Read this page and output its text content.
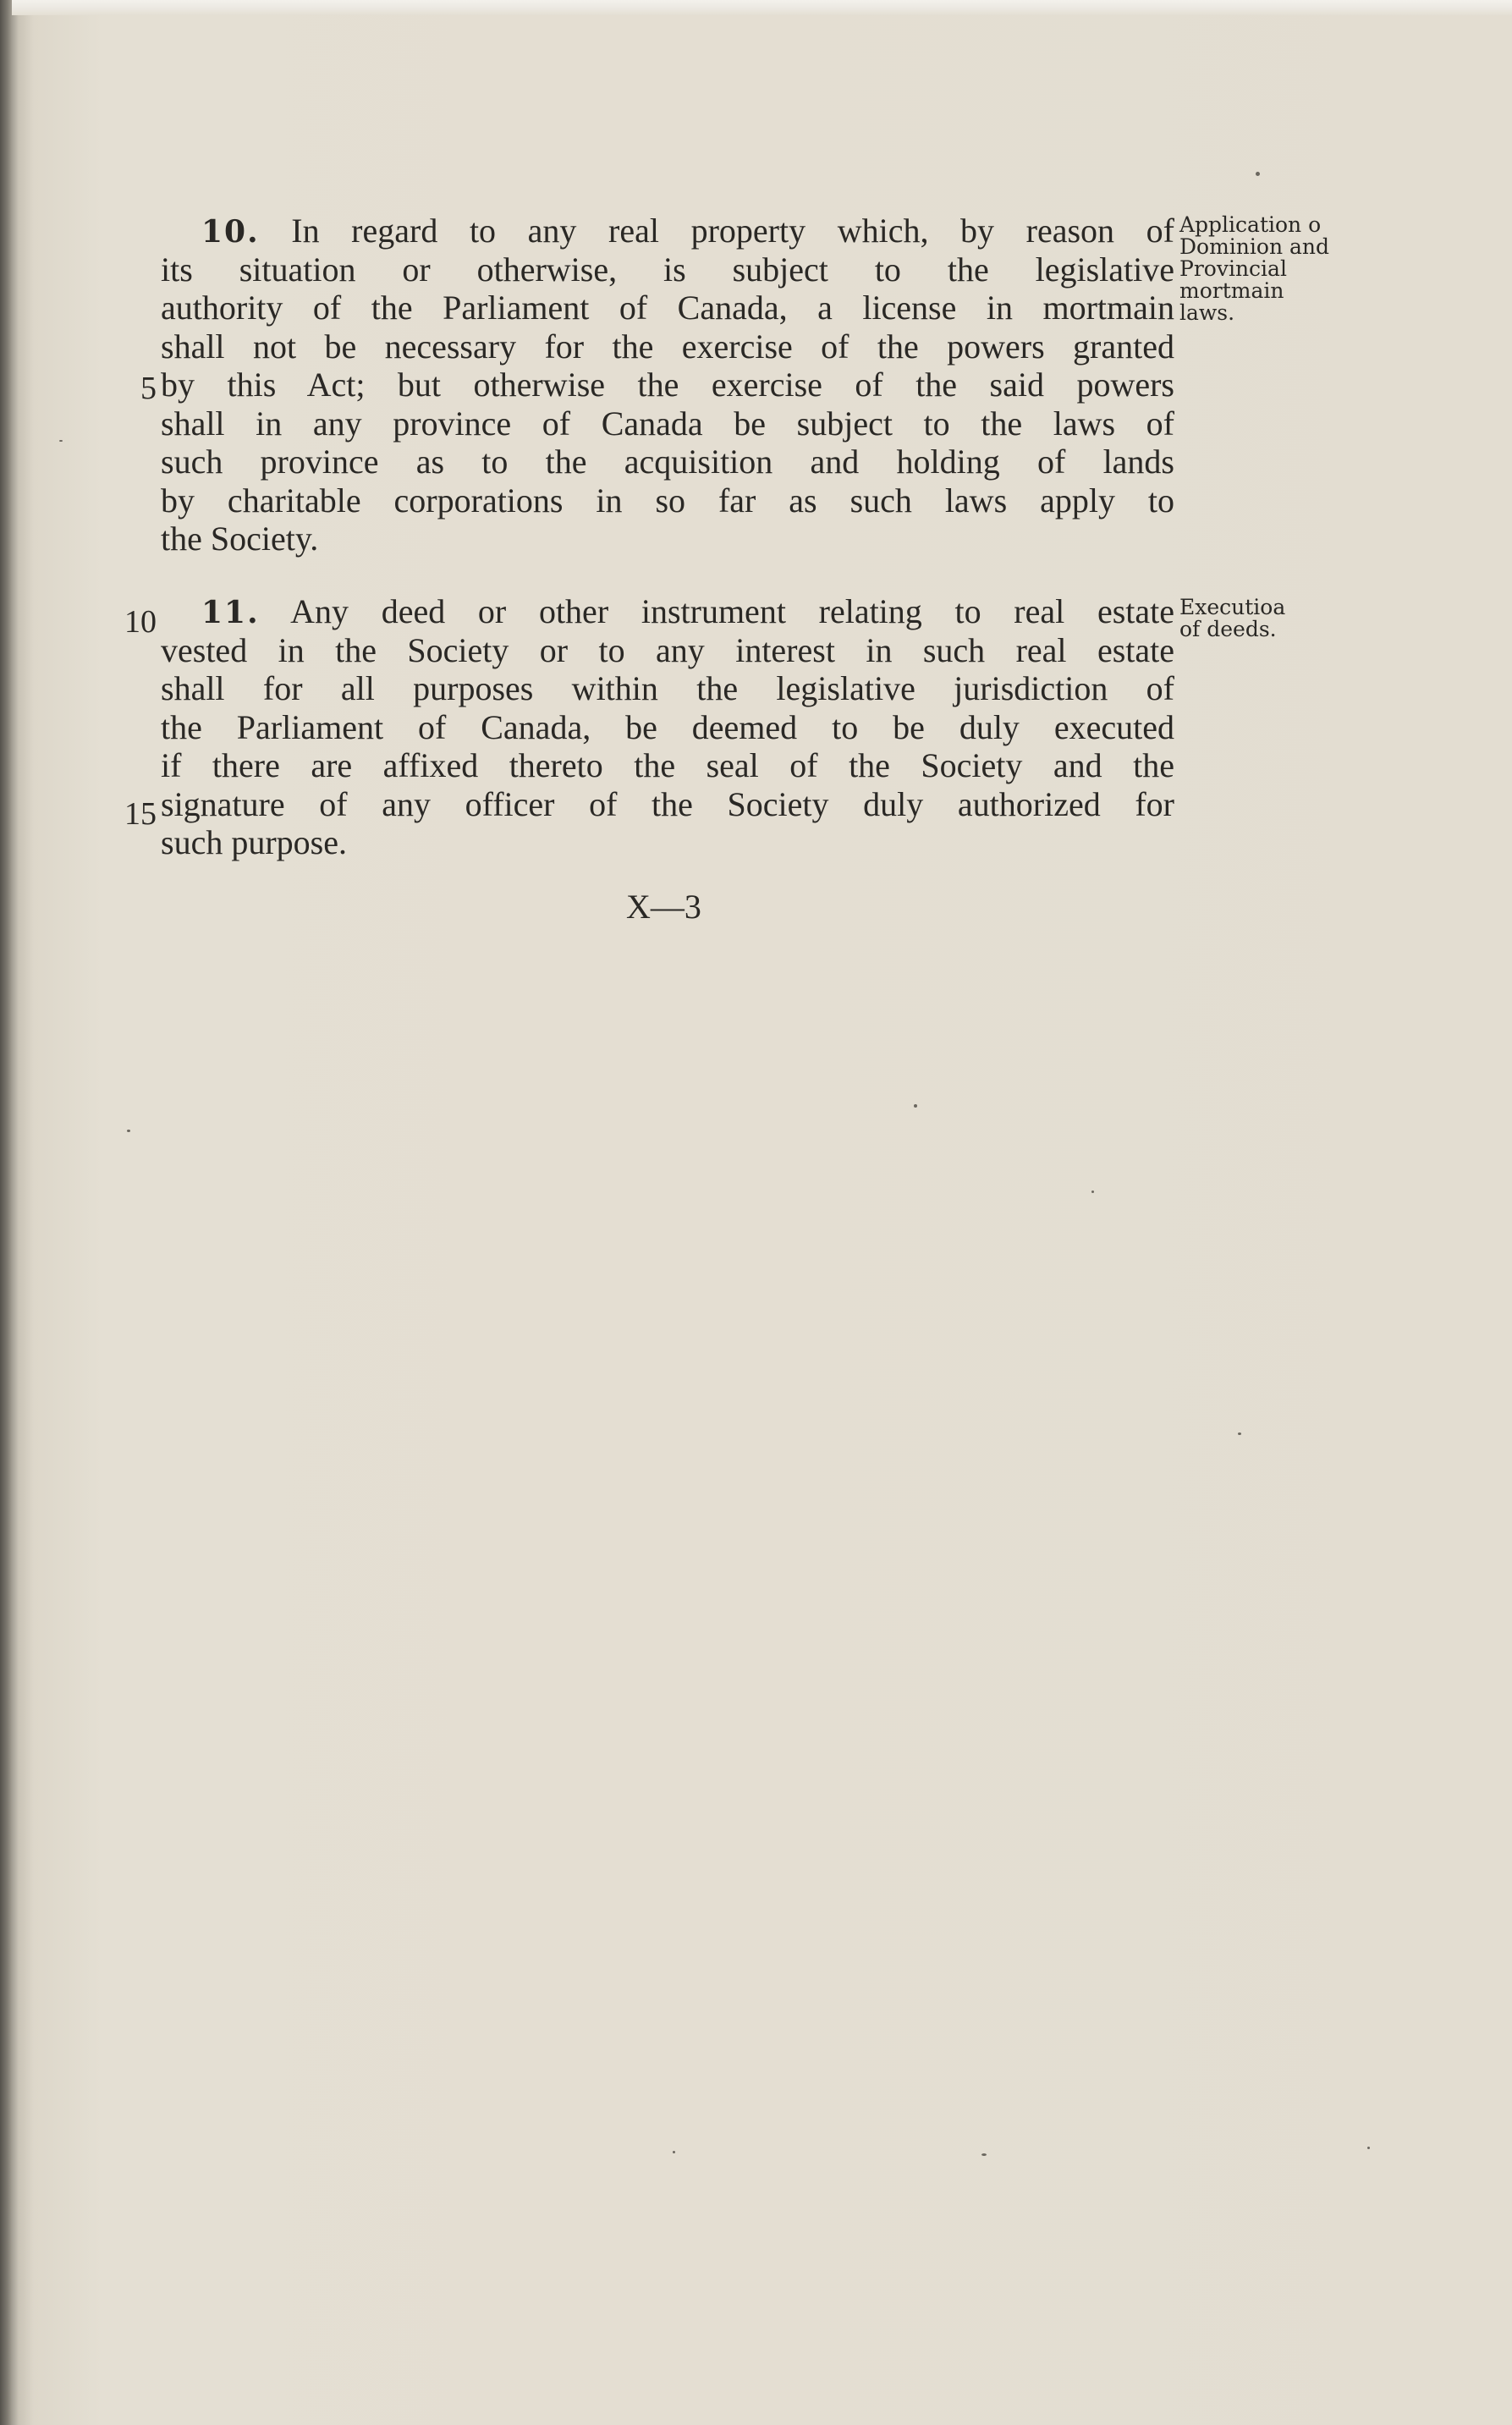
10. In regard to any real property which, by reason of
its situation or otherwise, is subject to the legislative
authority of the Parliament of Canada, a license in mortmain
shall not be necessary for the exercise of the powers granted
by this Act; but otherwise the exercise of the said powers
shall in any province of Canada be subject to the laws of
such province as to the acquisition and holding of lands
by charitable corporations in so far as such laws apply to
the Society.
11. Any deed or other instrument relating to real estate
vested in the Society or to any interest in such real estate
shall for all purposes within the legislative jurisdiction of
the Parliament of Canada, be deemed to be duly executed
if there are affixed thereto the seal of the Society and the
signature of any officer of the Society duly authorized for
such purpose.
5
10
15
Application o
Dominion and
Provincial
mortmain
laws.
Executioa
of deeds.
X—3
